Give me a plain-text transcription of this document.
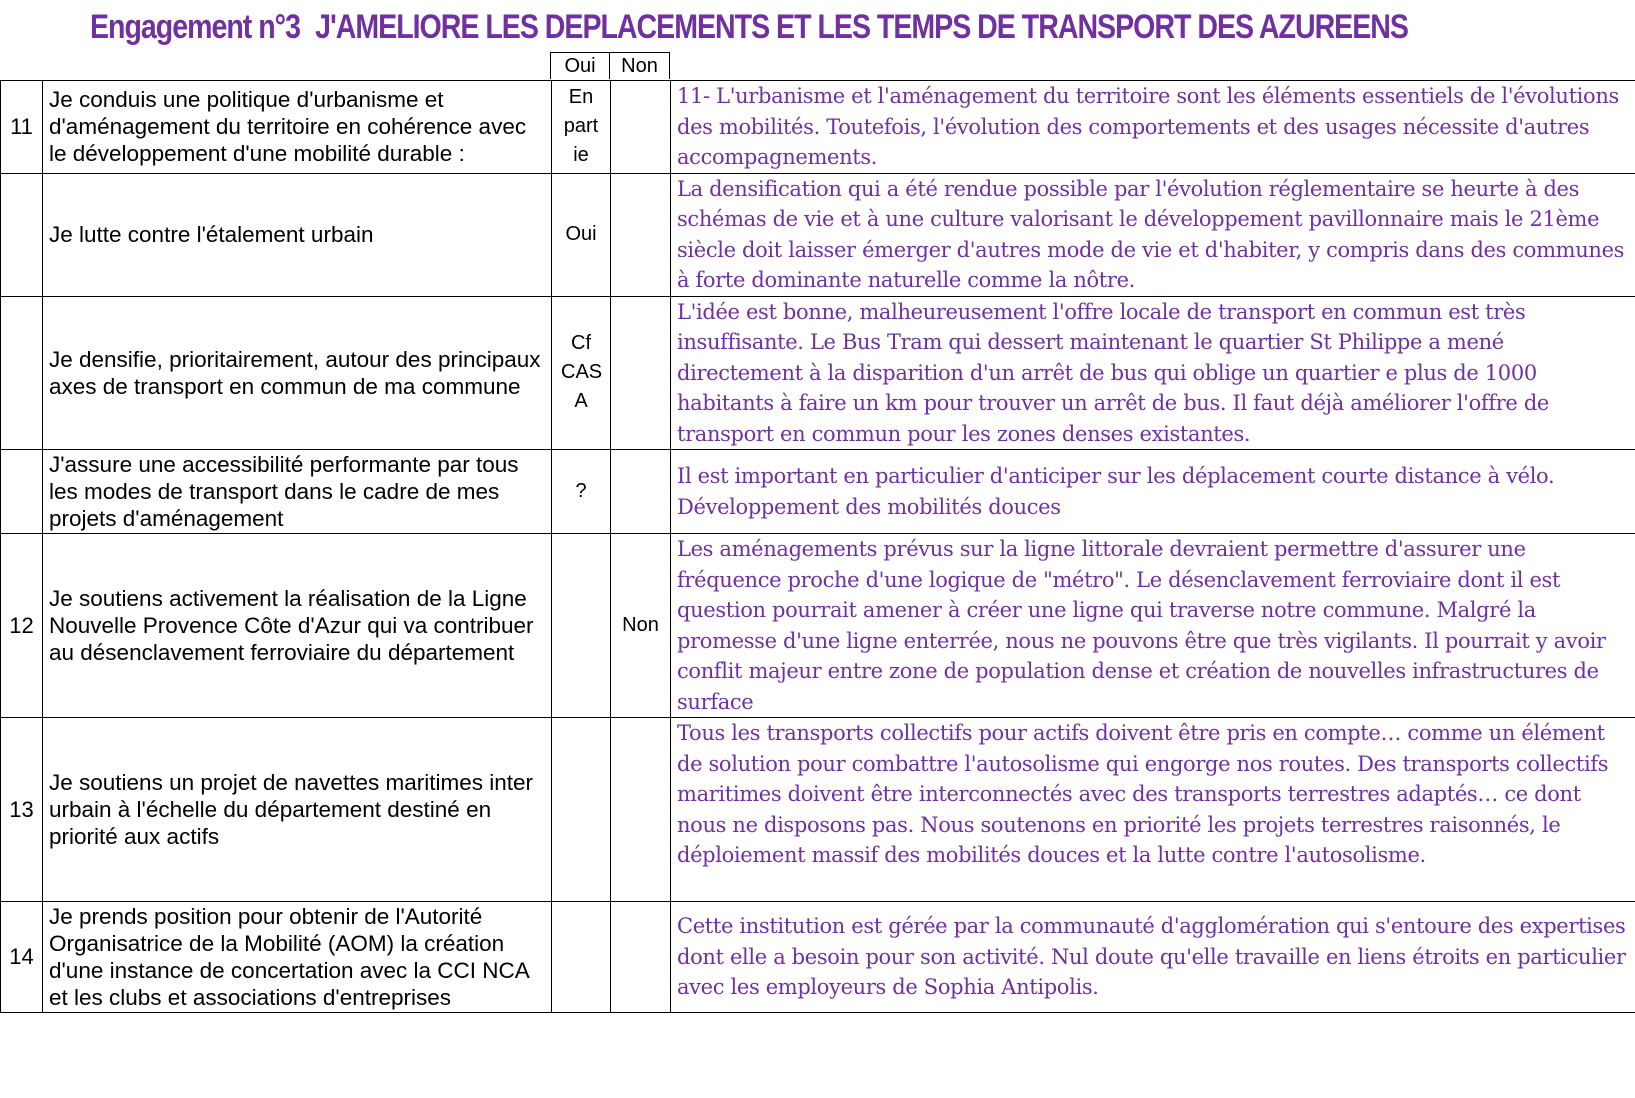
Engagement n°3 J'AMELIORE LES DEPLACEMENTS ET LES TEMPS DE TRANSPORT DES AZUREENS
Oui	Non
11	Je conduis une politique d'urbanisme et d'aménagement du territoire en cohérence avec le développement d'une mobilité durable :	En part ie		11- L'urbanisme et l'aménagement du territoire sont les éléments essentiels de l'évolutions des mobilités. Toutefois, l'évolution des comportements et des usages nécessite d'autres accompagnements.
	Je lutte contre l'étalement urbain	Oui		La densification qui a été rendue possible par l'évolution réglementaire se heurte à des schémas de vie et à une culture valorisant le développement pavillonnaire mais le 21ème siècle doit laisser émerger d'autres mode de vie et d'habiter, y compris dans des communes à forte dominante naturelle comme la nôtre.
	Je densifie, prioritairement, autour des principaux axes de transport en commun de ma commune	Cf CAS A		L'idée est bonne, malheureusement l'offre locale de transport en commun est très insuffisante. Le Bus Tram qui dessert maintenant le quartier St Philippe a mené directement à la disparition d'un arrêt de bus qui oblige un quartier e plus de 1000 habitants à faire un km pour trouver un arrêt de bus. Il faut déjà améliorer l'offre de transport en commun pour les zones denses existantes.
	J'assure une accessibilité performante par tous les modes de transport dans le cadre de mes projets d'aménagement	?		Il est important en particulier d'anticiper sur les déplacement courte distance à vélo. Développement des mobilités douces
12	Je soutiens activement la réalisation de la Ligne Nouvelle Provence Côte d'Azur qui va contribuer au désenclavement ferroviaire du département		Non	Les aménagements prévus sur la ligne littorale devraient permettre d'assurer une fréquence proche d'une logique de "métro". Le désenclavement ferroviaire dont il est question pourrait amener à créer une ligne qui traverse notre commune. Malgré la promesse d'une ligne enterrée, nous ne pouvons être que très vigilants. Il pourrait y avoir conflit majeur entre zone de population dense et création de nouvelles infrastructures de surface
13	Je soutiens un projet de navettes maritimes inter urbain à l'échelle du département destiné en priorité aux actifs			Tous les transports collectifs pour actifs doivent être pris en compte… comme un élément de solution pour combattre l'autosolisme qui engorge nos routes. Des transports collectifs maritimes doivent être interconnectés avec des transports terrestres adaptés… ce dont nous ne disposons pas. Nous soutenons en priorité les projets terrestres raisonnés, le déploiement massif des mobilités douces et la lutte contre l'autosolisme.
14	Je prends position pour obtenir de l'Autorité Organisatrice de la Mobilité (AOM) la création d'une instance de concertation avec la CCI NCA et les clubs et associations d'entreprises			Cette institution est gérée par la communauté d'agglomération qui s'entoure des expertises dont elle a besoin pour son activité. Nul doute qu'elle travaille en liens étroits en particulier avec les employeurs de Sophia Antipolis.
